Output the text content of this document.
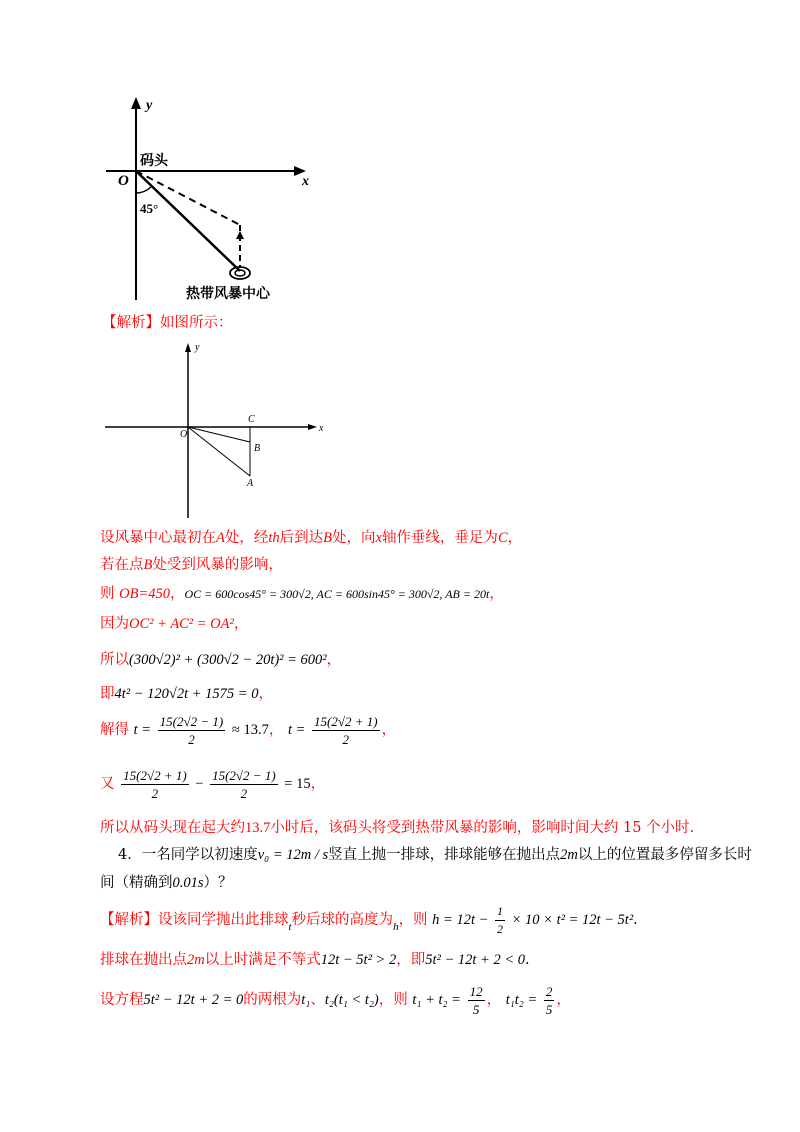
y
x
O
码头
45°
热带风暴中心
【解析】如图所示：
y
x
O
C
B
A
设风暴中心最初在A处，经th后到达B处，向x轴作垂线，垂足为C，
若在点B处受到风暴的影响，
则 OB=450，OC = 600cos45° = 300√2, AC = 600sin45° = 300√2, AB = 20t，
因为OC² + AC² = OA²，
所以(300√2)² + (300√2 − 20t)² = 600²，
即4t² − 120√2t + 1575 = 0，
解得 $t = \frac{15(2√2 - 1)}{2} \approx 13.7$， $t = \frac{15(2√2 + 1)}{2}$ ，
又 $\frac{15(2√2 + 1)}{2} - \frac{15(2√2 - 1)}{2} = 15$，
所以从码头现在起大约13.7小时后，该码头将受到热带风暴的影响，影响时间大约 15 个小时.
4．一名同学以初速度v₀ = 12m / s竖直上抛一排球，排球能够在抛出点2m以上的位置最多停留多长时
间（精确到0.01s）？
【解析】设该同学抛出此排球$_t$秒后球的高度为$_h$，则 $h = 12t - \frac{1}{2} \times 10 \times t^2 = 12t - 5t^2$.
排球在抛出点2m以上时满足不等式12t − 5t² > 2，即5t² − 12t + 2 < 0.
设方程5t² − 12t + 2 = 0的两根为t₁、t₂(t₁ < t₂)，则 $t_1 + t_2 = \frac{12}{5}$ ， $t_1t_2 = \frac{2}{5}$ ，
